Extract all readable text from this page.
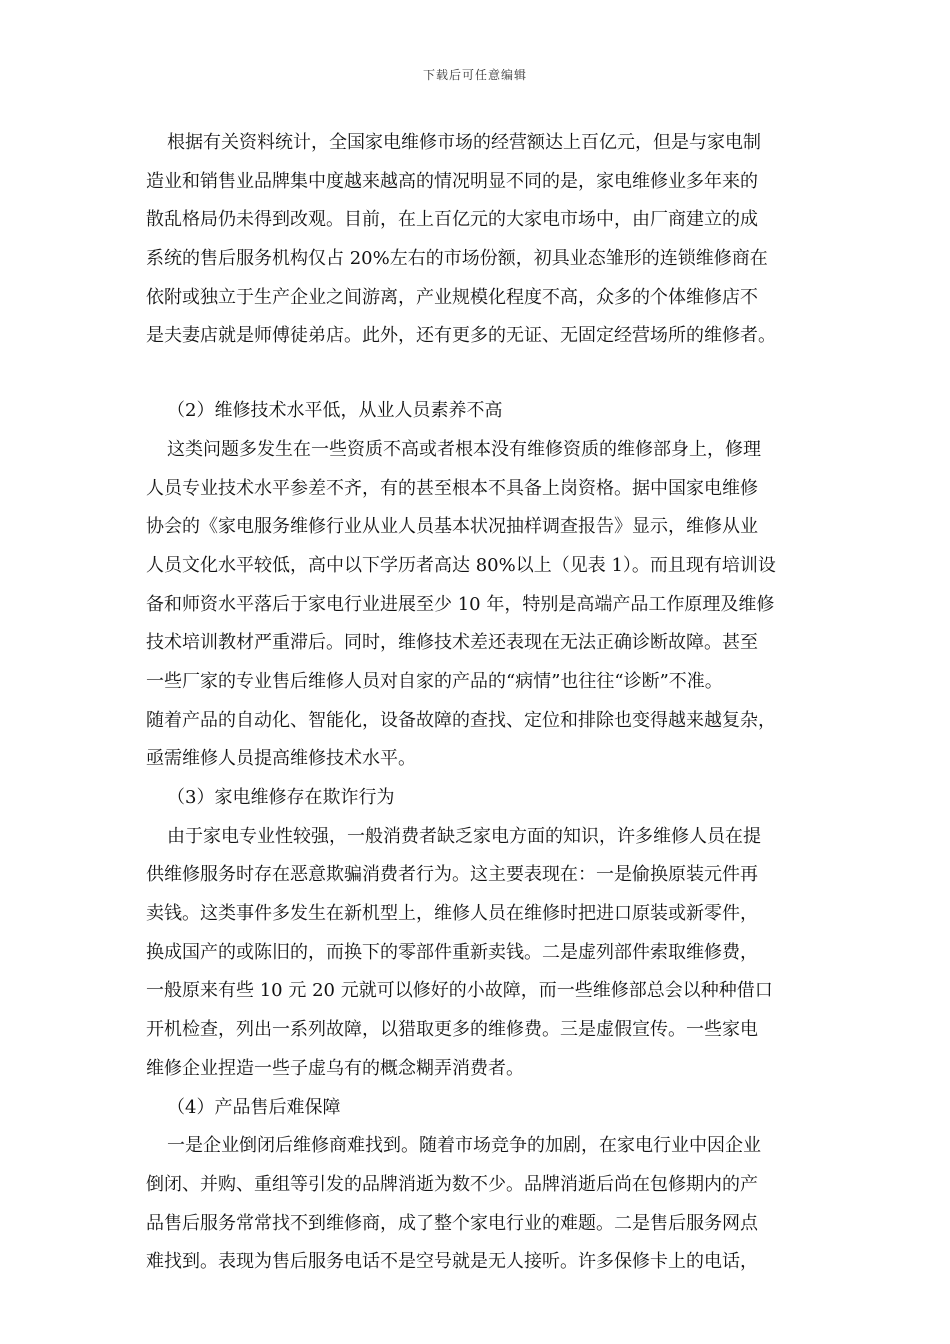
下载后可任意编辑
根据有关资料统计，全国家电维修市场的经营额达上百亿元，但是与家电制
造业和销售业品牌集中度越来越高的情况明显不同的是，家电维修业多年来的
散乱格局仍未得到改观。目前，在上百亿元的大家电市场中，由厂商建立的成
系统的售后服务机构仅占 20%左右的市场份额，初具业态雏形的连锁维修商在
依附或独立于生产企业之间游离，产业规模化程度不高，众多的个体维修店不
是夫妻店就是师傅徒弟店。此外，还有更多的无证、无固定经营场所的维修者。
（2）维修技术水平低，从业人员素养不高
这类问题多发生在一些资质不高或者根本没有维修资质的维修部身上，修理
人员专业技术水平参差不齐，有的甚至根本不具备上岗资格。据中国家电维修
协会的《家电服务维修行业从业人员基本状况抽样调查报告》显示，维修从业
人员文化水平较低，高中以下学历者高达 80%以上（见表 1）。而且现有培训设
备和师资水平落后于家电行业进展至少 10 年，特别是高端产品工作原理及维修
技术培训教材严重滞后。同时，维修技术差还表现在无法正确诊断故障。甚至
一些厂家的专业售后维修人员对自家的产品的“病情”也往往“诊断”不准。
随着产品的自动化、智能化，设备故障的查找、定位和排除也变得越来越复杂，
亟需维修人员提高维修技术水平。
（3）家电维修存在欺诈行为
由于家电专业性较强，一般消费者缺乏家电方面的知识，许多维修人员在提
供维修服务时存在恶意欺骗消费者行为。这主要表现在：一是偷换原装元件再
卖钱。这类事件多发生在新机型上，维修人员在维修时把进口原装或新零件，
换成国产的或陈旧的，而换下的零部件重新卖钱。二是虚列部件索取维修费，
一般原来有些 10 元 20 元就可以修好的小故障，而一些维修部总会以种种借口
开机检查，列出一系列故障，以猎取更多的维修费。三是虚假宣传。一些家电
维修企业捏造一些子虚乌有的概念糊弄消费者。
（4）产品售后难保障
一是企业倒闭后维修商难找到。随着市场竞争的加剧，在家电行业中因企业
倒闭、并购、重组等引发的品牌消逝为数不少。品牌消逝后尚在包修期内的产
品售后服务常常找不到维修商，成了整个家电行业的难题。二是售后服务网点
难找到。表现为售后服务电话不是空号就是无人接听。许多保修卡上的电话，
